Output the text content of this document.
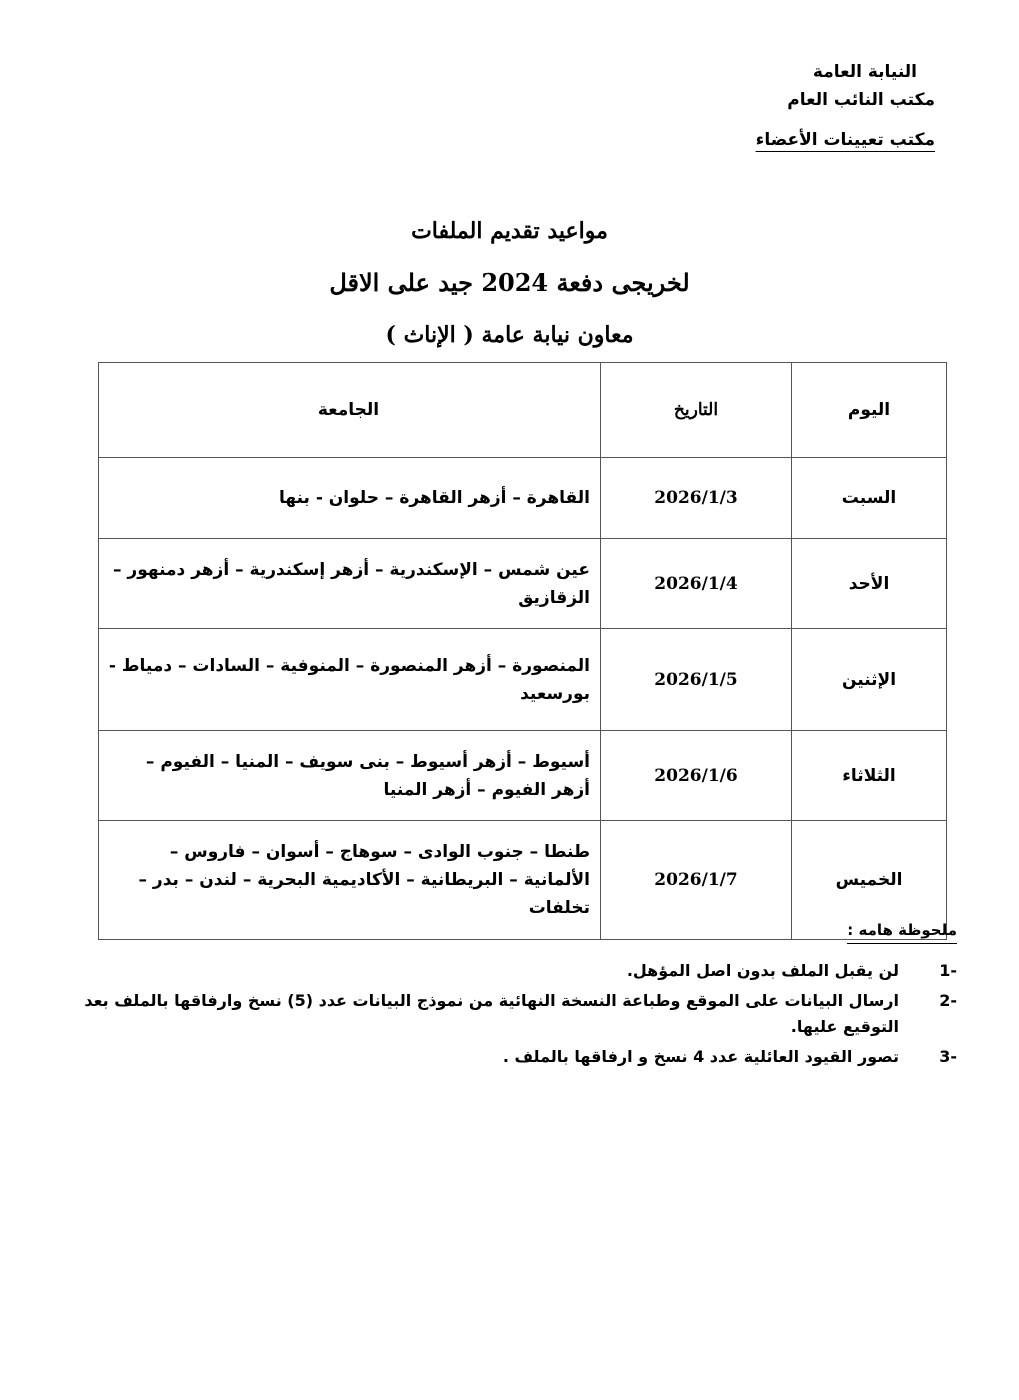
النيابة العامة
مكتب النائب العام
مكتب تعيينات الأعضاء
مواعيد تقديم الملفات
لخريجى دفعة 2024 جيد على الاقل
معاون نيابة عامة ( الإناث )
اليوم	التاريخ	الجامعة
السبت	2026/1/3	القاهرة – أزهر القاهرة – حلوان - بنها
الأحد	2026/1/4	عين شمس – الإسكندرية – أزهر إسكندرية – أزهر دمنهور – الزقازيق
الإثنين	2026/1/5	المنصورة – أزهر المنصورة – المنوفية – السادات – دمياط - بورسعيد
الثلاثاء	2026/1/6	أسيوط – أزهر أسيوط – بنى سويف – المنيا – الفيوم – أزهر الفيوم – أزهر المنيا
الخميس	2026/1/7	طنطا – جنوب الوادى – سوهاج – أسوان – فاروس – الألمانية – البريطانية – الأكاديمية البحرية – لندن – بدر – تخلفات
ملحوظة هامه :
-1
لن يقبل الملف بدون اصل المؤهل.
-2
ارسال البيانات على الموقع وطباعة النسخة النهائية من نموذج البيانات عدد (5) نسخ وارفاقها بالملف بعد التوقيع عليها.
-3
تصور القيود العائلية عدد 4 نسخ و ارفاقها بالملف .
